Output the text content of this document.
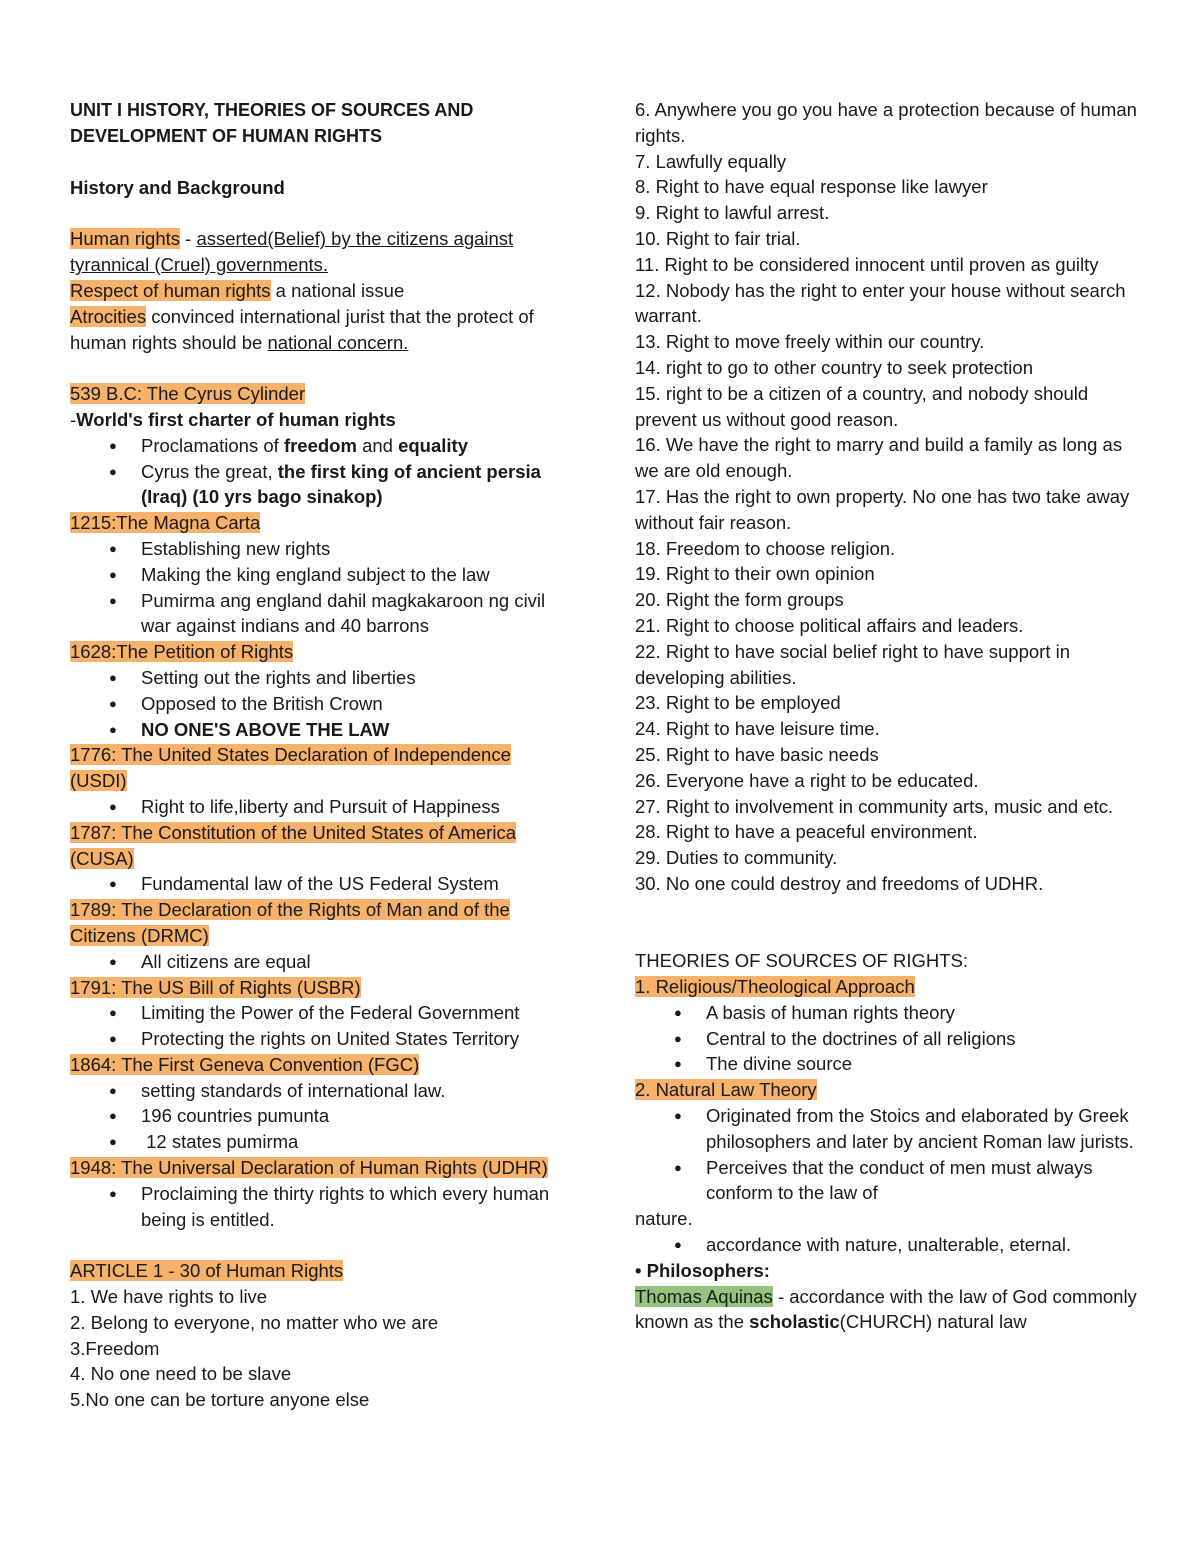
UNIT I HISTORY, THEORIES OF SOURCES AND
DEVELOPMENT OF HUMAN RIGHTS
History and Background
Human rights - asserted(Belief) by the citizens against
tyrannical (Cruel) governments.
Respect of human rights a national issue
Atrocities convinced international jurist that the protect of
human rights should be national concern.
539 B.C: The Cyrus Cylinder
-World's first charter of human rights
● Proclamations of freedom and equality
● Cyrus the great, the first king of ancient persia (Iraq) (10 yrs bago sinakop)
1215:The Magna Carta
● Establishing new rights
● Making the king england subject to the law
● Pumirma ang england dahil magkakaroon ng civil war against indians and 40 barrons
1628:The Petition of Rights
● Setting out the rights and liberties
● Opposed to the British Crown
● NO ONE'S ABOVE THE LAW
1776: The United States Declaration of Independence (USDI)
● Right to life,liberty and Pursuit of Happiness
1787: The Constitution of the United States of America (CUSA)
● Fundamental law of the US Federal System
1789: The Declaration of the Rights of Man and of the Citizens (DRMC)
● All citizens are equal
1791: The US Bill of Rights (USBR)
● Limiting the Power of the Federal Government
● Protecting the rights on United States Territory
1864: The First Geneva Convention (FGC)
● setting standards of international law.
● 196 countries pumunta
●  12 states pumirma
1948: The Universal Declaration of Human Rights (UDHR)
● Proclaiming the thirty rights to which every human being is entitled.
ARTICLE 1 - 30 of Human Rights
1. We have rights to live
2. Belong to everyone, no matter who we are
3.Freedom
4. No one need to be slave
5.No one can be torture anyone else
6. Anywhere you go you have a protection because of human rights.
7. Lawfully equally
8. Right to have equal response like lawyer
9. Right to lawful arrest.
10. Right to fair trial.
11. Right to be considered innocent until proven as guilty
12. Nobody has the right to enter your house without search warrant.
13. Right to move freely within our country.
14. right to go to other country to seek protection
15. right to be a citizen of a country, and nobody should prevent us without good reason.
16. We have the right to marry and build a family as long as we are old enough.
17. Has the right to own property. No one has two take away without fair reason.
18. Freedom to choose religion.
19. Right to their own opinion
20. Right the form groups
21. Right to choose political affairs and leaders.
22. Right to have social belief right to have support in developing abilities.
23. Right to be employed
24. Right to have leisure time.
25. Right to have basic needs
26. Everyone have a right to be educated.
27. Right to involvement in community arts, music and etc.
28. Right to have a peaceful environment.
29. Duties to community.
30. No one could destroy and freedoms of UDHR.
THEORIES OF SOURCES OF RIGHTS:
1. Religious/Theological Approach
● A basis of human rights theory
● Central to the doctrines of all religions
● The divine source
2. Natural Law Theory
● Originated from the Stoics and elaborated by Greek philosophers and later by ancient Roman law jurists.
● Perceives that the conduct of men must always conform to the law of
nature.
● accordance with nature, unalterable, eternal.
• Philosophers:
Thomas Aquinas - accordance with the law of God commonly known as the scholastic(CHURCH) natural law
